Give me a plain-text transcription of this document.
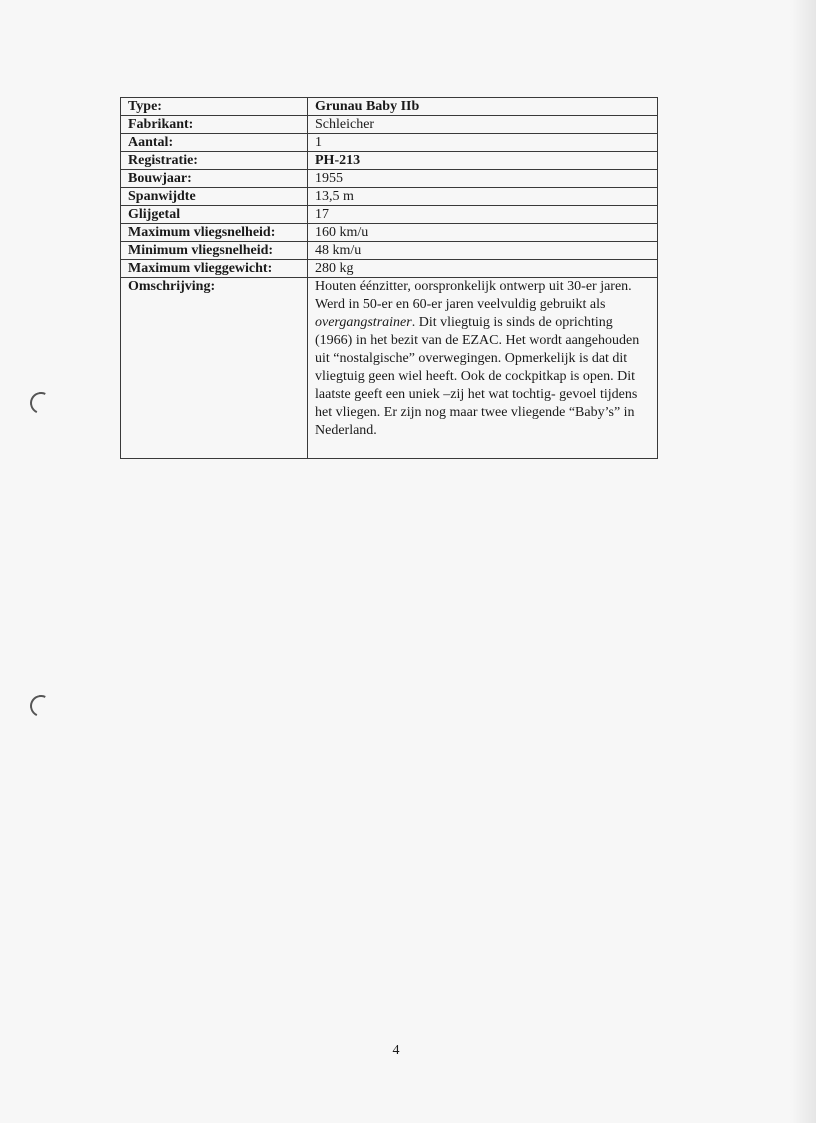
Type:	Grunau Baby IIb
Fabrikant:	Schleicher
Aantal:	1
Registratie:	PH-213
Bouwjaar:	1955
Spanwijdte	13,5 m
Glijgetal	17
Maximum vliegsnelheid:	160 km/u
Minimum vliegsnelheid:	48 km/u
Maximum vlieggewicht:	280 kg
Omschrijving:	Houten éénzitter, oorspronkelijk ontwerp uit 30-er jaren. Werd in 50-er en 60-er jaren veelvuldig gebruikt als overgangstrainer. Dit vliegtuig is sinds de oprichting (1966) in het bezit van de EZAC. Het wordt aangehouden uit “nostalgische” overwegingen. Opmerkelijk is dat dit vliegtuig geen wiel heeft. Ook de cockpitkap is open. Dit laatste geeft een uniek –zij het wat tochtig- gevoel tijdens het vliegen. Er zijn nog maar twee vliegende “Baby’s” in Nederland.
4
